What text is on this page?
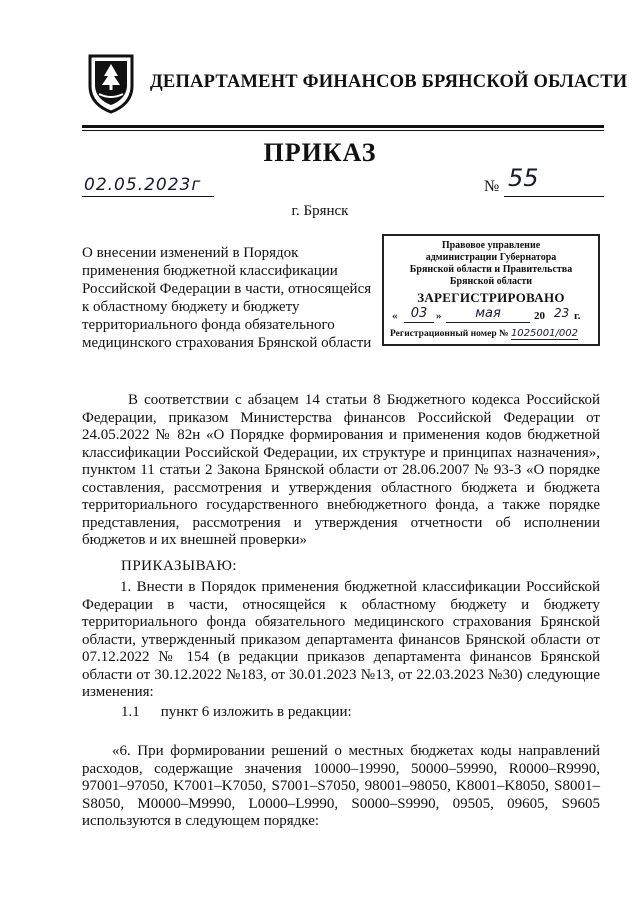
ДЕПАРТАМЕНТ ФИНАНСОВ БРЯНСКОЙ ОБЛАСТИ
ПРИКАЗ
02.05.2023г	№ 55
г. Брянск
О внесении изменений в Порядок применения бюджетной классификации Российской Федерации в части, относящейся к областному бюджету и бюджету территориального фонда обязательного медицинского страхования Брянской области
Правовое управление
администрации Губернатора
Брянской области и Правительства
Брянской области
ЗАРЕГИСТРИРОВАНО
«	03 »	мая	20 23 г.
Регистрационный номер № 1025001/002
В соответствии с абзацем 14 статьи 8 Бюджетного кодекса Российской Федерации, приказом Министерства финансов Российской Федерации от 24.05.2022 № 82н «О Порядке формирования и применения кодов бюджетной классификации Российской Федерации, их структуре и принципах назначения», пунктом 11 статьи 2 Закона Брянской области от 28.06.2007 № 93-З «О порядке составления, рассмотрения и утверждения областного бюджета и бюджета территориального государственного внебюджетного фонда, а также порядке представления, рассмотрения и утверждения отчетности об исполнении бюджетов и их внешней проверки»
ПРИКАЗЫВАЮ:
1. Внести в Порядок применения бюджетной классификации Российской Федерации в части, относящейся к областному бюджету и бюджету территориального фонда обязательного медицинского страхования Брянской области, утвержденный приказом департамента финансов Брянской области от 07.12.2022 № 154 (в редакции приказов департамента финансов Брянской области от 30.12.2022 №183, от 30.01.2023 №13, от 22.03.2023 №30) следующие изменения:
1.1 пункт 6 изложить в редакции:
«6. При формировании решений о местных бюджетах коды направлений расходов, содержащие значения 10000–19990, 50000–59990, R0000–R9990, 97001–97050, K7001–K7050, S7001–S7050, 98001–98050, K8001–K8050, S8001–S8050, M0000–M9990, L0000–L9990, S0000–S9990, 09505, 09605, S9605 используются в следующем порядке:
